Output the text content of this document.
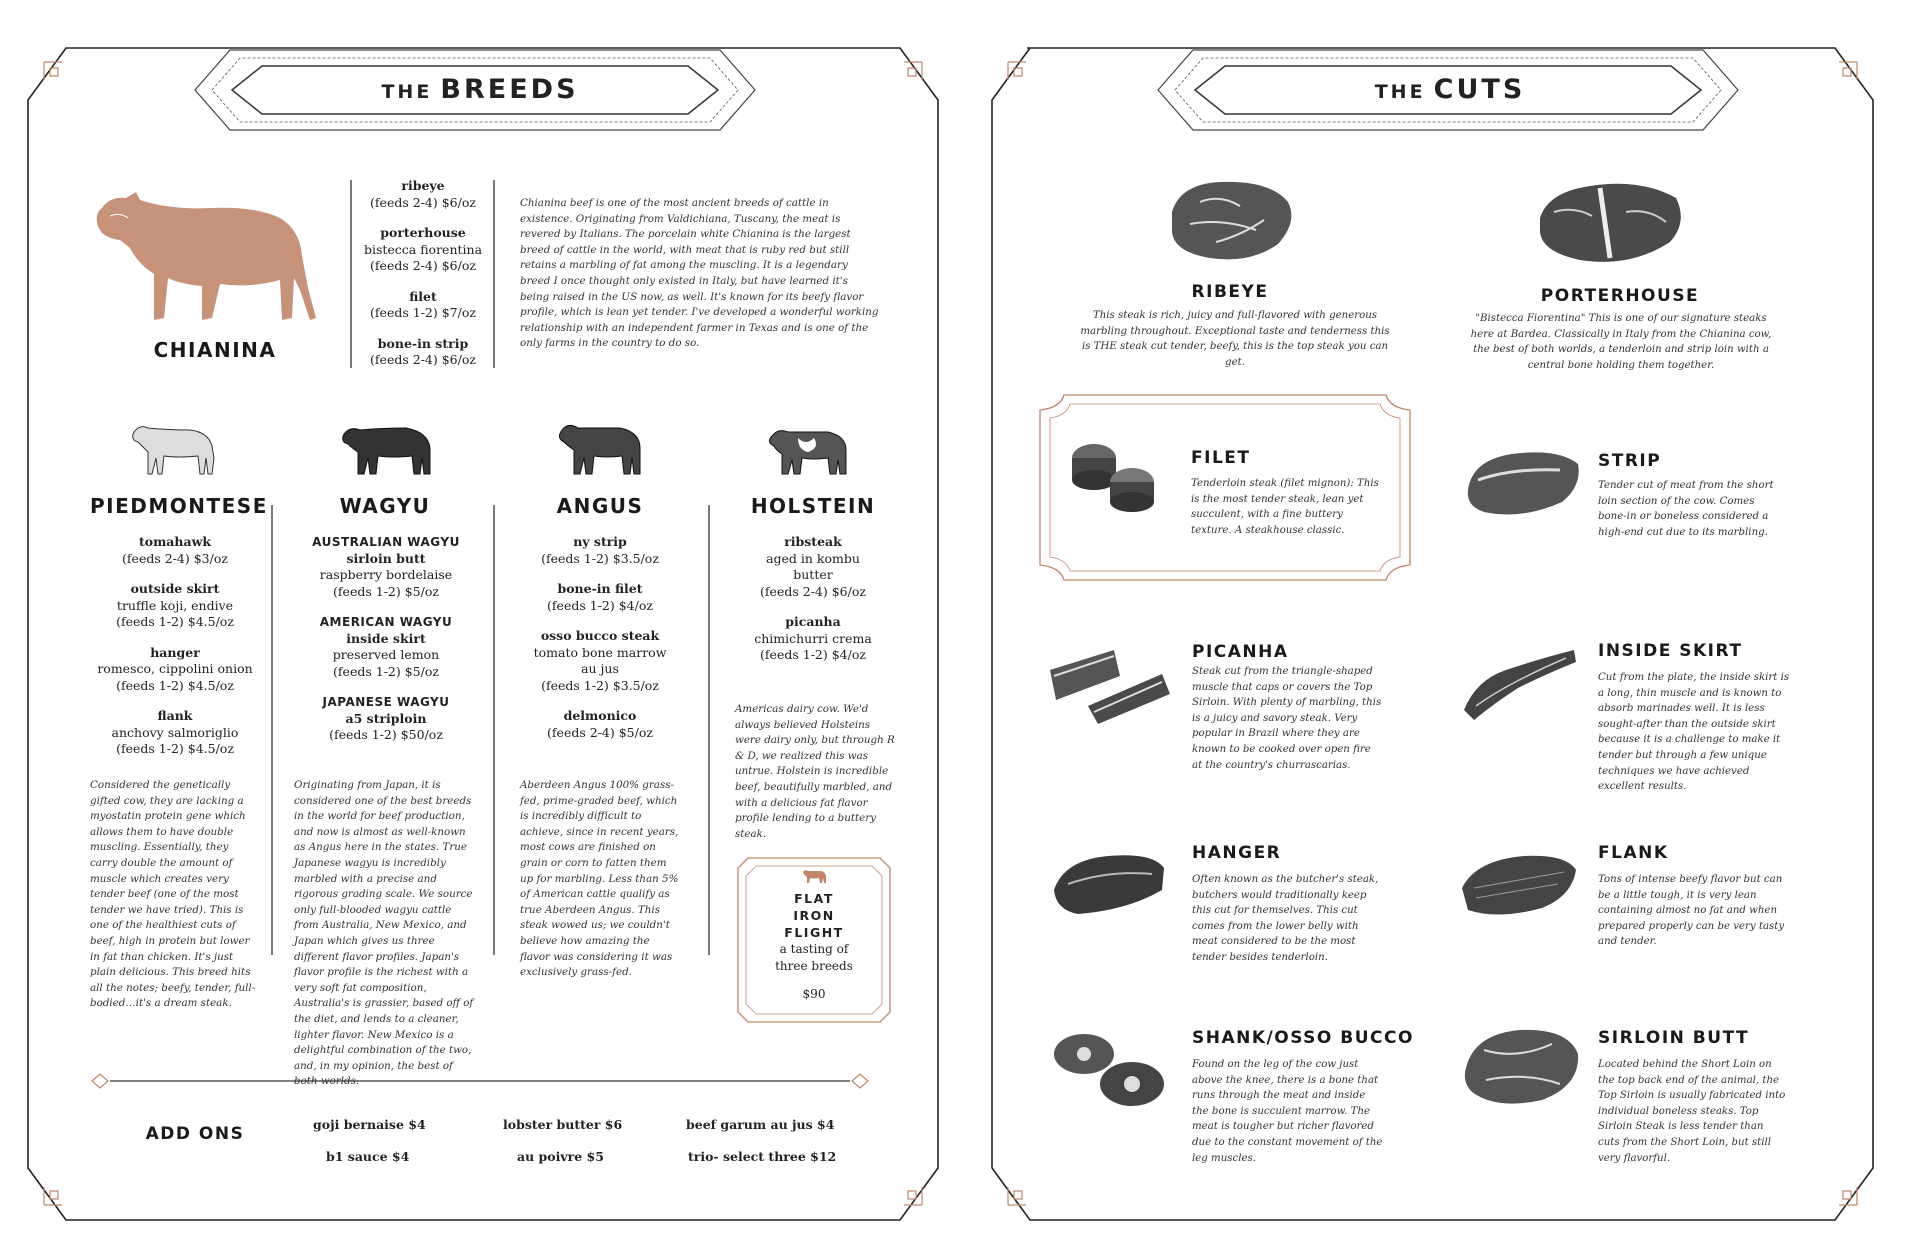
THE BREEDS
CHIANINA
ribeye
(feeds 2-4) $6/oz
porterhouse
bistecca fiorentina
(feeds 2-4) $6/oz
filet
(feeds 1-2) $7/oz
bone-in strip
(feeds 2-4) $6/oz
Chianina beef is one of the most ancient breeds of cattle in existence. Originating from Valdichiana, Tuscany, the meat is revered by Italians. The porcelain white Chianina is the largest breed of cattle in the world, with meat that is ruby red but still retains a marbling of fat among the muscling. It is a legendary breed I once thought only existed in Italy, but have learned it's being raised in the US now, as well. It's known for its beefy flavor profile, which is lean yet tender. I've developed a wonderful working relationship with an independent farmer in Texas and is one of the only farms in the country to do so.
PIEDMONTESE	WAGYU	ANGUS	HOLSTEIN
tomahawk
(feeds 2-4) $3/oz
outside skirt
truffle koji, endive
(feeds 1-2) $4.5/oz
hanger
romesco, cippolini onion
(feeds 1-2) $4.5/oz
flank
anchovy salmoriglio
(feeds 1-2) $4.5/oz
Considered the genetically gifted cow, they are lacking a myostatin protein gene which allows them to have double muscling. Essentially, they carry double the amount of muscle which creates very tender beef (one of the most tender we have tried). This is one of the healthiest cuts of beef, high in protein but lower in fat than chicken. It's just plain delicious. This breed hits all the notes; beefy, tender, full-bodied…it's a dream steak.
AUSTRALIAN WAGYU
sirloin butt
raspberry bordelaise
(feeds 1-2) $5/oz
AMERICAN WAGYU
inside skirt
preserved lemon
(feeds 1-2) $5/oz
JAPANESE WAGYU
a5 striploin
(feeds 1-2) $50/oz
Originating from Japan, it is considered one of the best breeds in the world for beef production, and now is almost as well-known as Angus here in the states. True Japanese wagyu is incredibly marbled with a precise and rigorous grading scale. We source only full-blooded wagyu cattle from Australia, New Mexico, and Japan which gives us three different flavor profiles. Japan's flavor profile is the richest with a very soft fat composition, Australia's is grassier, based off of the diet, and lends to a cleaner, lighter flavor. New Mexico is a delightful combination of the two, and, in my opinion, the best of both worlds.
ny strip
(feeds 1-2) $3.5/oz
bone-in filet
(feeds 1-2) $4/oz
osso bucco steak
tomato bone marrow
au jus
(feeds 1-2) $3.5/oz
delmonico
(feeds 2-4) $5/oz
Aberdeen Angus 100% grass-fed, prime-graded beef, which is incredibly difficult to achieve, since in recent years, most cows are finished on grain or corn to fatten them up for marbling. Less than 5% of American cattle qualify as true Aberdeen Angus. This steak wowed us; we couldn't believe how amazing the flavor was considering it was exclusively grass-fed.
ribsteak
aged in kombu
butter
(feeds 2-4) $6/oz
picanha
chimichurri crema
(feeds 1-2) $4/oz
Americas dairy cow. We'd always believed Holsteins were dairy only, but through R & D, we realized this was untrue. Holstein is incredible beef, beautifully marbled, and with a delicious fat flavor profile lending to a buttery steak.
FLAT IRON FLIGHT
a tasting of
three breeds
$90
ADD ONS	goji bernaise $4	lobster butter $6	beef garum au jus $4
b1 sauce $4	au poivre $5	trio- select three $12
THE CUTS
RIBEYE
This steak is rich, juicy and full-flavored with generous marbling throughout. Exceptional taste and tenderness this is THE steak cut tender, beefy, this is the top steak you can get.
PORTERHOUSE
"Bistecca Fiorentina" This is one of our signature steaks here at Bardea. Classically in Italy from the Chianina cow, the best of both worlds, a tenderloin and strip loin with a central bone holding them together.
FILET
Tenderloin steak (filet mignon): This is the most tender steak, lean yet succulent, with a fine buttery texture. A steakhouse classic.
STRIP
Tender cut of meat from the short loin section of the cow. Comes bone-in or boneless considered a high-end cut due to its marbling.
PICANHA
Steak cut from the triangle-shaped muscle that caps or covers the Top Sirloin. With plenty of marbling, this is a juicy and savory steak. Very popular in Brazil where they are known to be cooked over open fire at the country's churrascarias.
INSIDE SKIRT
Cut from the plate, the inside skirt is a long, thin muscle and is known to absorb marinades well. It is less sought-after than the outside skirt because it is a challenge to make it tender but through a few unique techniques we have achieved excellent results.
HANGER
Often known as the butcher's steak, butchers would traditionally keep this cut for themselves. This cut comes from the lower belly with meat considered to be the most tender besides tenderloin.
FLANK
Tons of intense beefy flavor but can be a little tough, it is very lean containing almost no fat and when prepared properly can be very tasty and tender.
SHANK/OSSO BUCCO
Found on the leg of the cow just above the knee, there is a bone that runs through the meat and inside the bone is succulent marrow. The meat is tougher but richer flavored due to the constant movement of the leg muscles.
SIRLOIN BUTT
Located behind the Short Loin on the top back end of the animal, the Top Sirloin is usually fabricated into individual boneless steaks. Top Sirloin Steak is less tender than cuts from the Short Loin, but still very flavorful.
